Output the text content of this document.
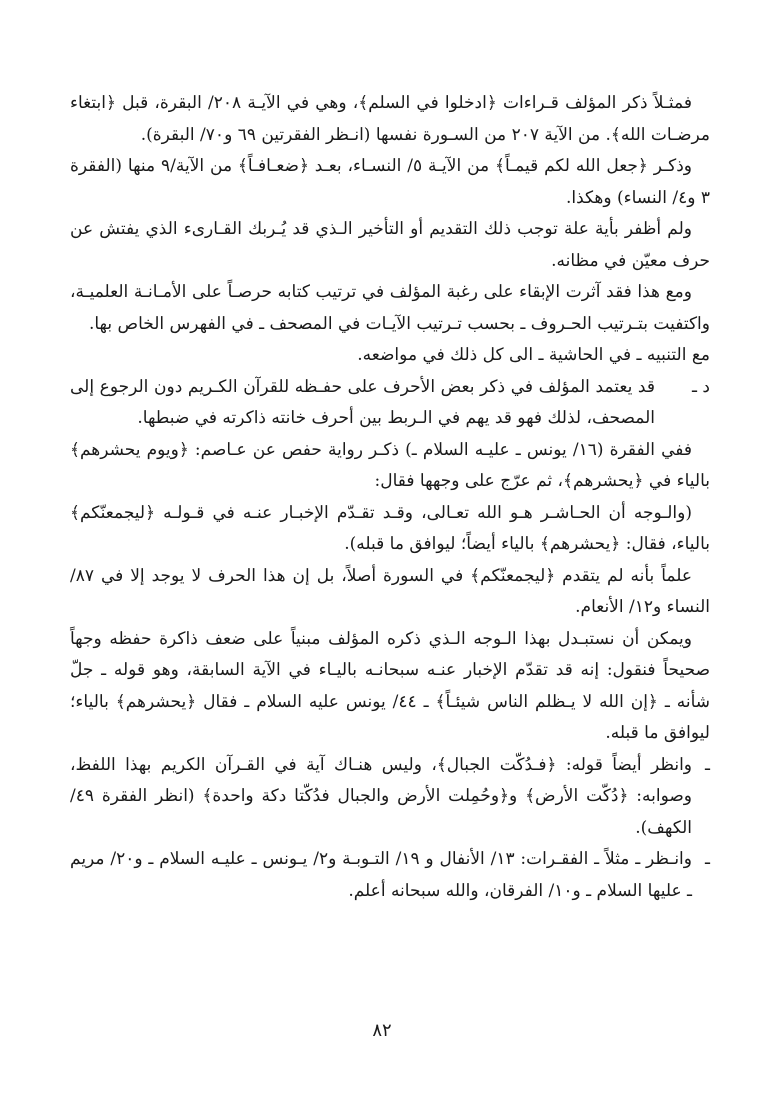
فمثـلاً ذكر المؤلف قـراءات ﴿ادخلوا في السلم﴾، وهي في الآيـة ٢٠٨/ البقرة، قبل ﴿ابتغاء مرضـات الله﴾. من الآية ٢٠٧ من السـورة نفسها (انـظر الفقرتين ٦٩ و٧٠/ البقرة).

وذكـر ﴿جعل الله لكم قيمـاً﴾ من الآيـة ٥/ النسـاء، بعـد ﴿ضعـافـاً﴾ من الآية/٩ منها (الفقرة ٣ و٤/ النساء) وهكذا.

ولم أظفر بأية علة توجب ذلك التقديم أو التأخير الـذي قد يُـربك القـارىء الذي يفتش عن حرف معيّن في مظانه.

ومع هذا فقد آثرت الإبقاء على رغبة المؤلف في ترتيب كتابه حرصـاً على الأمـانـة العلميـة، واكتفيت بتـرتيب الحـروف ـ بحسب تـرتيب الآيـات في المصحف ـ في الفهرس الخاص بها.

مع التنبيه ـ في الحاشية ـ الى كل ذلك في مواضعه.

د ـ
قد يعتمد المؤلف في ذكر بعض الأحرف على حفـظه للقرآن الكـريم دون الرجوع إلى المصحف، لذلك فهو قد يهم في الـربط بين أحرف خانته ذاكرته في ضبطها.

ففي الفقرة (١٦/ يونس ـ عليـه السلام ـ) ذكـر رواية حفص عن عـاصم: ﴿ويوم يحشرهم﴾ بالياء في ﴿يحشرهم﴾، ثم عرّج على وجهها فقال:

(والـوجه أن الحـاشـر هـو الله تعـالى، وقـد تقـدّم الإخبـار عنـه في قـولـه ﴿ليجمعنّكم﴾ بالياء، فقال: ﴿يحشرهم﴾ بالياء أيضاً؛ ليوافق ما قبله).

علماً بأنه لم يتقدم ﴿ليجمعنّكم﴾ في السورة أصلاً، بل إن هذا الحرف لا يوجد إلا في ٨٧/ النساء و١٢/ الأنعام.

ويمكن أن نستبـدل بهذا الـوجه الـذي ذكره المؤلف مبنياً على ضعف ذاكرة حفظه وجهاً صحيحاً فنقول: إنه قد تقدّم الإخبار عنـه سبحانـه باليـاء في الآية السابقة، وهو قوله ـ جلّ شأنه ـ ﴿إن الله لا يـظلم الناس شيئـاً﴾ ـ ٤٤/ يونس عليه السلام ـ فقال ﴿يحشرهم﴾ بالياء؛ ليوافق ما قبله.

ـ
وانظر أيضاً قوله: ﴿فـدُكّت الجبال﴾، وليس هنـاك آية في القـرآن الكريم بهذا اللفظ، وصوابه: ﴿دُكّت الأرض﴾ و﴿وحُمِلت الأرض والجبال فدُكّتا دكة واحدة﴾ (انظر الفقرة ٤٩/ الكهف).
ـ
وانـظر ـ مثلاً ـ الفقـرات: ١٣/ الأنفال و ١٩/ التـوبـة و٢/ يـونس ـ عليـه السلام ـ و٢٠/ مريم ـ عليها السلام ـ و١٠/ الفرقان، والله سبحانه أعلم.
٨٢
